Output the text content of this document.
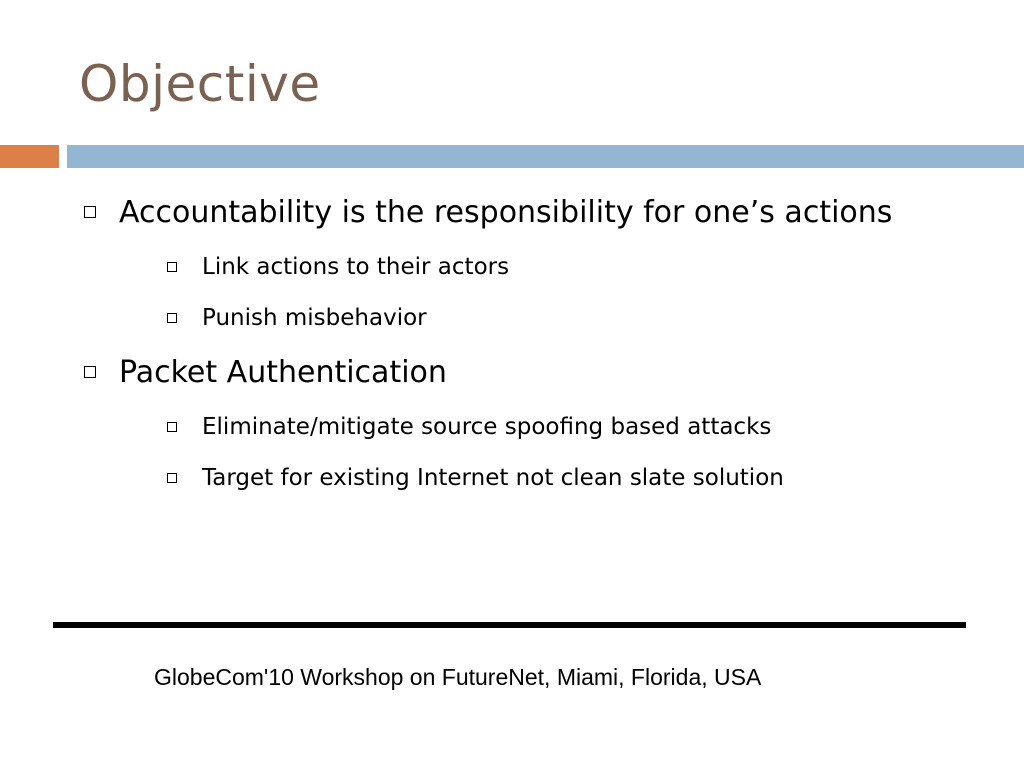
Objective
Accountability is the responsibility for one’s actions
Link actions to their actors
Punish misbehavior
Packet Authentication
Eliminate/mitigate source spoofing based attacks
Target for existing Internet not clean slate solution
GlobeCom'10 Workshop on FutureNet, Miami, Florida, USA
